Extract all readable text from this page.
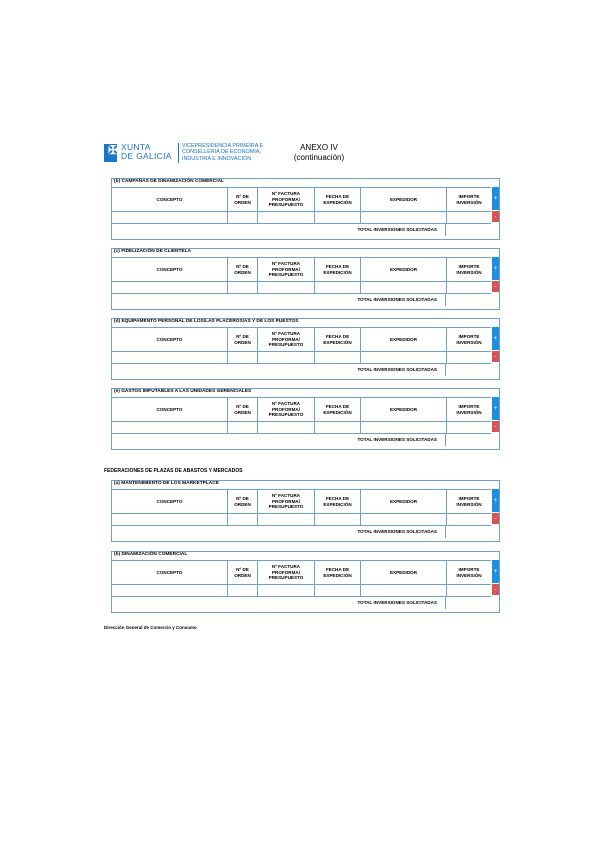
✠ XUNTA
DE GALICIA
VICEPRESIDENCIA PRIMEIRA E
CONSELLERÍA DE ECONOMÍA,
INDUSTRIA E INNOVACIÓN
ANEXO IV
(continuación)
(b) CAMPAÑAS DE DINAMIZACIÓN COMERCIAL
CONCEPTO
Nº DE ORDEN
Nº FACTURA PROFORMA/ PRESUPUESTO
FECHA DE EXPEDICIÓN
EXPEDIDOR
IMPORTE INVERSIÓN
TOTAL INVERSIONES SOLICITADAS
+
-
(c) FIDELIZACIÓN DE CLIENTELA
CONCEPTO
Nº DE ORDEN
Nº FACTURA PROFORMA/ PRESUPUESTO
FECHA DE EXPEDICIÓN
EXPEDIDOR
IMPORTE INVERSIÓN
TOTAL INVERSIONES SOLICITADAS
+
-
(d) EQUIPAMENTO PERSONAL DE LOS/LAS PLACEROS/AS Y DE LOS PUESTOS
CONCEPTO
Nº DE ORDEN
Nº FACTURA PROFORMA/ PRESUPUESTO
FECHA DE EXPEDICIÓN
EXPEDIDOR
IMPORTE INVERSIÓN
TOTAL INVERSIONES SOLICITADAS
+
-
(e) GASTOS IMPUTABLES A LAS UNIDADES GERENCIALES
CONCEPTO
Nº DE ORDEN
Nº FACTURA PROFORMA/ PRESUPUESTO
FECHA DE EXPEDICIÓN
EXPEDIDOR
IMPORTE INVERSIÓN
TOTAL INVERSIONES SOLICITADAS
+
-
FEDERACIONES DE PLAZAS DE ABASTOS Y MERCADOS
(a) MANTENIMIENTO DE LOS MARKETPLACE
CONCEPTO
Nº DE ORDEN
Nº FACTURA PROFORMA/ PRESUPUESTO
FECHA DE EXPEDICIÓN
EXPEDIDOR
IMPORTE INVERSIÓN
TOTAL INVERSIONES SOLICITADAS
+
-
(b) DINAMIZACIÓN COMERCIAL
CONCEPTO
Nº DE ORDEN
Nº FACTURA PROFORMA/ PRESUPUESTO
FECHA DE EXPEDICIÓN
EXPEDIDOR
IMPORTE INVERSIÓN
TOTAL INVERSIONES SOLICITADAS
+
-
Dirección General de Comercio y Consumo
